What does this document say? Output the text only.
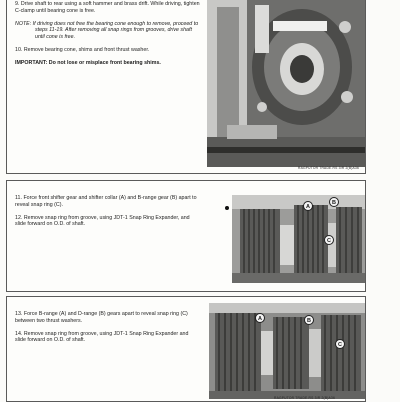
9. Drive shaft to rear using a soft hammer and brass drift. While driving, tighten C-clamp until bearing cone is free.

NOTE: If driving does not free the bearing cone enough to remove, proceed to steps 11-19. After removing all snap rings from grooves, drive shaft until cone is free.

10. Remove bearing cone, shims and front thrust washer.

IMPORTANT: Do not lose or misplace front bearing shims.

RAGPUTOR TRADE.RS 3IR 2(B)A36

11. Force front shifter gear and shifter collar (A) and B-range gear (B) apart to reveal snap ring (C).

12. Remove snap ring from groove, using JDT-1 Snap Ring Expander, and slide forward on O.D. of shaft.

A
B
C

13. Force B-range (A) and D-range (B) gears apart to reveal snap ring (C) between two thrust washers.

14. Remove snap ring from groove, using JDT-1 Snap Ring Expander and slide forward on O.D. of shaft.

A	B
C
RAGPUTOR TRADE.RS 3IR 2(B)A36
